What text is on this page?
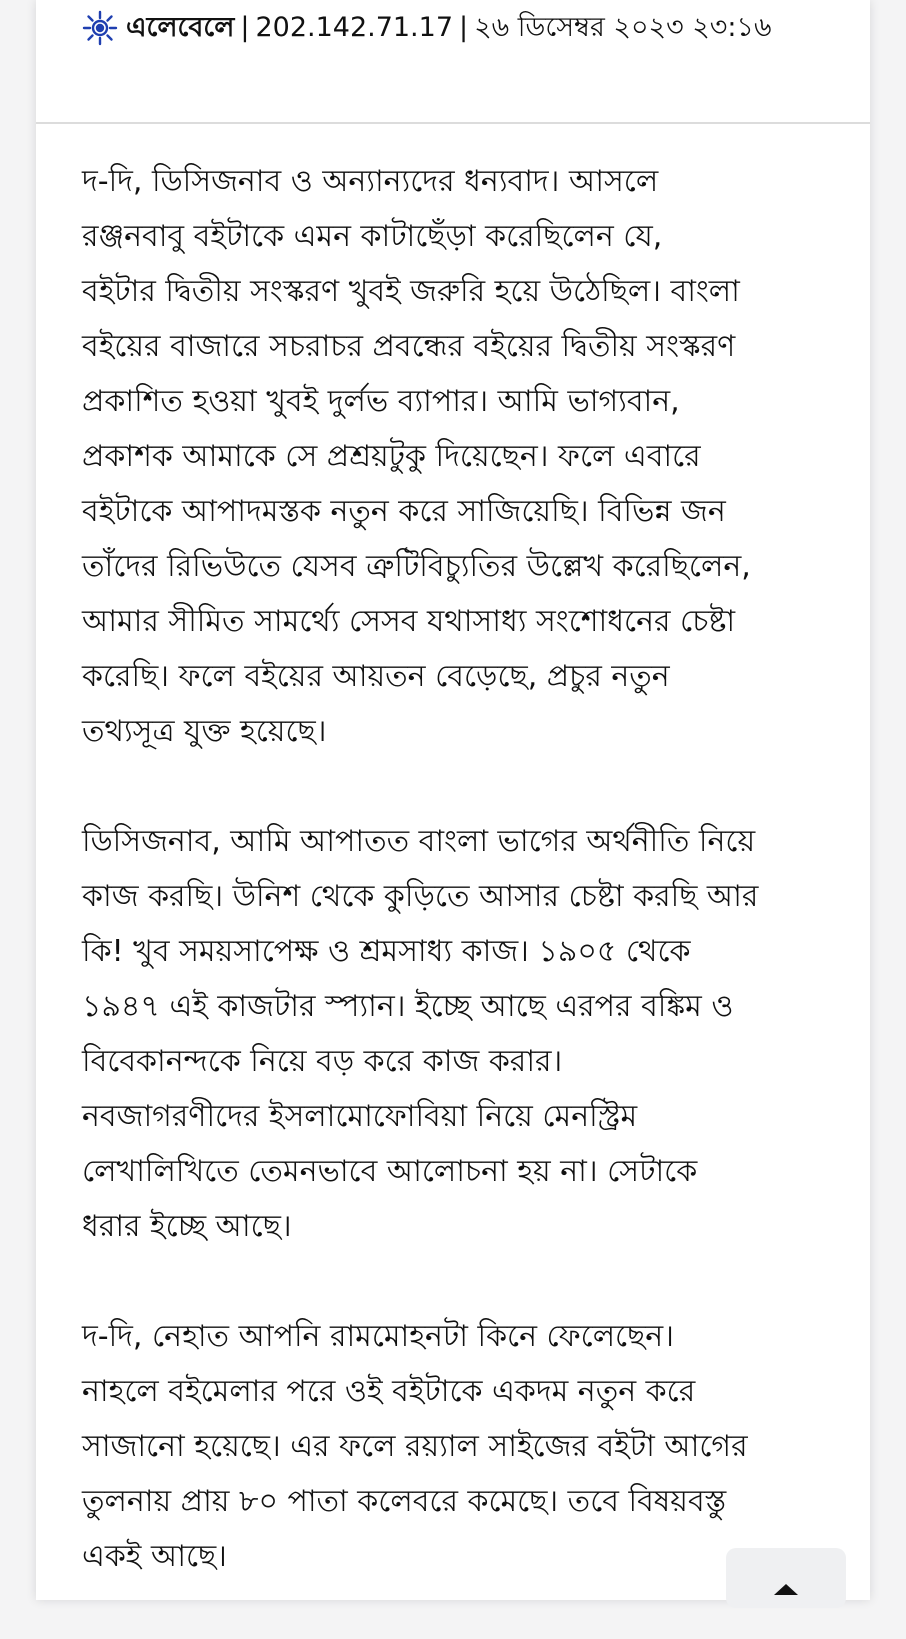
এলেবেলে | 202.142.71.17 | ২৬ ডিসেম্বর ২০২৩ ২৩:১৬

দ-দি, ডিসিজনাব ও অন্যান্যদের ধন্যবাদ। আসলে
রঞ্জনবাবু বইটাকে এমন কাটাছেঁড়া করেছিলেন যে,
বইটার দ্বিতীয় সংস্করণ খুবই জরুরি হয়ে উঠেছিল। বাংলা
বইয়ের বাজারে সচরাচর প্রবন্ধের বইয়ের দ্বিতীয় সংস্করণ
প্রকাশিত হওয়া খুবই দুর্লভ ব্যাপার। আমি ভাগ্যবান,
প্রকাশক আমাকে সে প্রশ্রয়টুকু দিয়েছেন। ফলে এবারে
বইটাকে আপাদমস্তক নতুন করে সাজিয়েছি। বিভিন্ন জন
তাঁদের রিভিউতে যেসব ত্রুটিবিচ্যুতির উল্লেখ করেছিলেন,
আমার সীমিত সামর্থ্যে সেসব যথাসাধ্য সংশোধনের চেষ্টা
করেছি। ফলে বইয়ের আয়তন বেড়েছে, প্রচুর নতুন
তথ্যসূত্র যুক্ত হয়েছে।

ডিসিজনাব, আমি আপাতত বাংলা ভাগের অর্থনীতি নিয়ে
কাজ করছি। উনিশ থেকে কুড়িতে আসার চেষ্টা করছি আর
কি! খুব সময়সাপেক্ষ ও শ্রমসাধ্য কাজ। ১৯০৫ থেকে
১৯৪৭ এই কাজটার স্প্যান। ইচ্ছে আছে এরপর বঙ্কিম ও
বিবেকানন্দকে নিয়ে বড় করে কাজ করার।
নবজাগরণীদের ইসলামোফোবিয়া নিয়ে মেনস্ট্রিম
লেখালিখিতে তেমনভাবে আলোচনা হয় না। সেটাকে
ধরার ইচ্ছে আছে।

দ-দি, নেহাত আপনি রামমোহনটা কিনে ফেলেছেন।
নাহলে বইমেলার পরে ওই বইটাকে একদম নতুন করে
সাজানো হয়েছে। এর ফলে রয়্যাল সাইজের বইটা আগের
তুলনায় প্রায় ৮০ পাতা কলেবরে কমেছে। তবে বিষয়বস্তু
একই আছে।
